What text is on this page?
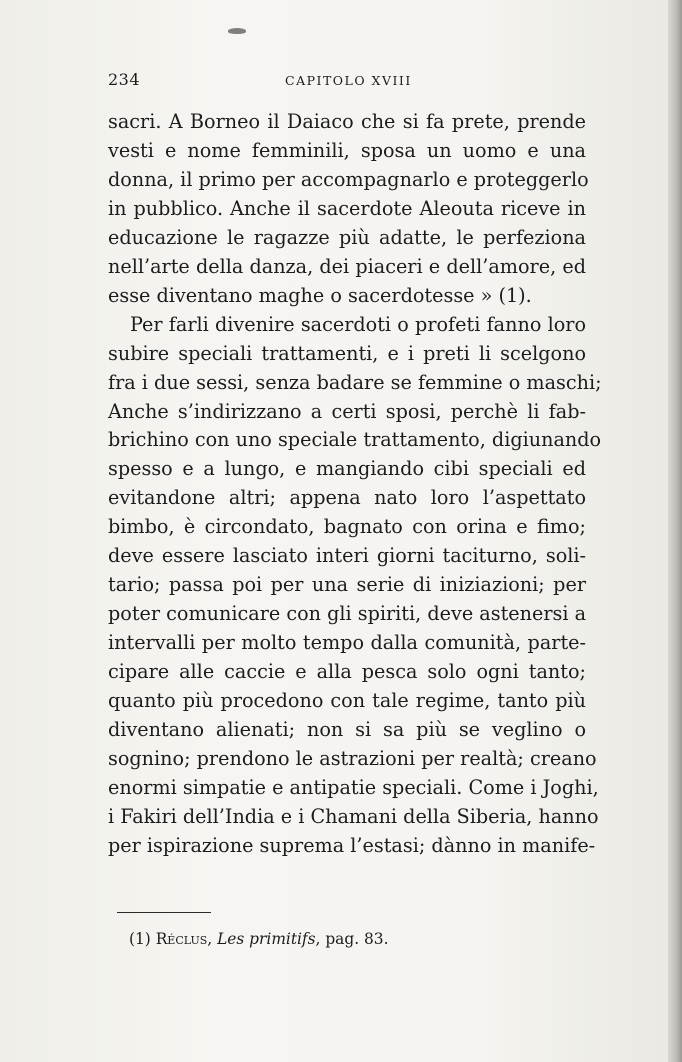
234	CAPITOLO XVIII
sacri. A Borneo il Daiaco che si fa prete, prende
vesti e nome femminili, sposa un uomo e una
donna, il primo per accompagnarlo e proteggerlo
in pubblico. Anche il sacerdote Aleouta riceve in
educazione le ragazze più adatte, le perfeziona
nell’arte della danza, dei piaceri e dell’amore, ed
esse diventano maghe o sacerdotesse » (1).
Per farli divenire sacerdoti o profeti fanno loro
subire speciali trattamenti, e i preti li scelgono
fra i due sessi, senza badare se femmine o maschi;
Anche s’indirizzano a certi sposi, perchè li fab-
brichino con uno speciale trattamento, digiunando
spesso e a lungo, e mangiando cibi speciali ed
evitandone altri; appena nato loro l’aspettato
bimbo, è circondato, bagnato con orina e fimo;
deve essere lasciato interi giorni taciturno, soli-
tario; passa poi per una serie di iniziazioni; per
poter comunicare con gli spiriti, deve astenersi a
intervalli per molto tempo dalla comunità, parte-
cipare alle caccie e alla pesca solo ogni tanto;
quanto più procedono con tale regime, tanto più
diventano alienati; non si sa più se veglino o
sognino; prendono le astrazioni per realtà; creano
enormi simpatie e antipatie speciali. Come i Joghi,
i Fakiri dell’India e i Chamani della Siberia, hanno
per ispirazione suprema l’estasi; dànno in manife-
(1) Réclus, Les primitifs, pag. 83.
